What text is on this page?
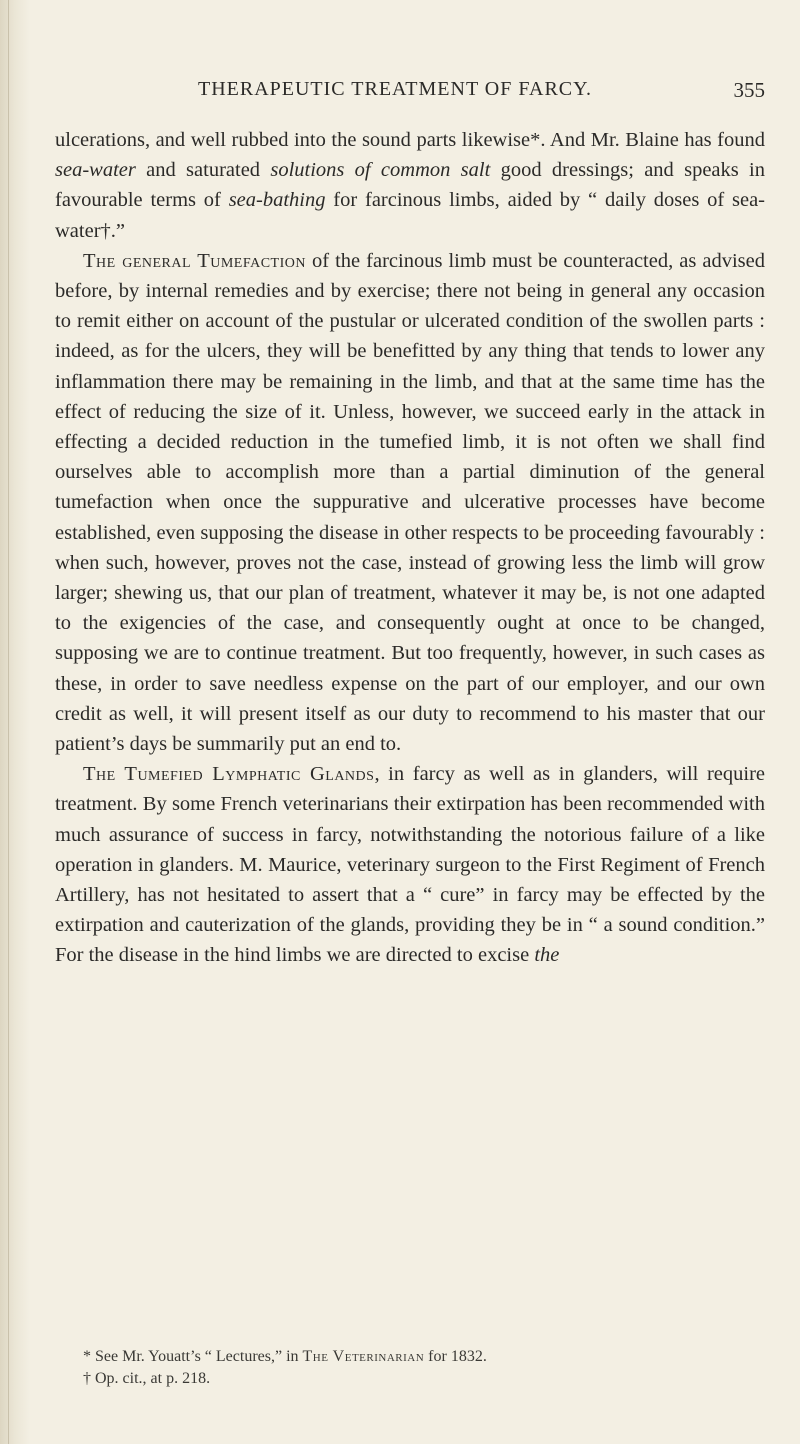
THERAPEUTIC TREATMENT OF FARCY.	355

ulcerations, and well rubbed into the sound parts likewise*. And Mr. Blaine has found sea-water and saturated solutions of common salt good dressings; and speaks in favourable terms of sea-bathing for farcinous limbs, aided by “ daily doses of sea-water†.”

The general Tumefaction of the farcinous limb must be counteracted, as advised before, by internal remedies and by exercise; there not being in general any occasion to remit either on account of the pustular or ulcerated condition of the swollen parts : indeed, as for the ulcers, they will be benefitted by any thing that tends to lower any inflammation there may be remaining in the limb, and that at the same time has the effect of reducing the size of it. Unless, however, we succeed early in the attack in effecting a decided reduction in the tumefied limb, it is not often we shall find ourselves able to accomplish more than a partial diminution of the general tumefaction when once the suppurative and ulcerative processes have become established, even supposing the disease in other respects to be proceeding favourably : when such, however, proves not the case, instead of growing less the limb will grow larger; shewing us, that our plan of treatment, whatever it may be, is not one adapted to the exigencies of the case, and consequently ought at once to be changed, supposing we are to continue treatment. But too frequently, however, in such cases as these, in order to save needless expense on the part of our employer, and our own credit as well, it will present itself as our duty to recommend to his master that our patient’s days be summarily put an end to.

The Tumefied Lymphatic Glands, in farcy as well as in glanders, will require treatment. By some French veterinarians their extirpation has been recommended with much assurance of success in farcy, notwithstanding the notorious failure of a like operation in glanders. M. Maurice, veterinary surgeon to the First Regiment of French Artillery, has not hesitated to assert that a “ cure” in farcy may be effected by the extirpation and cauterization of the glands, providing they be in “ a sound condition.” For the disease in the hind limbs we are directed to excise the

* See Mr. Youatt’s “ Lectures,” in The Veterinarian for 1832.

† Op. cit., at p. 218.
